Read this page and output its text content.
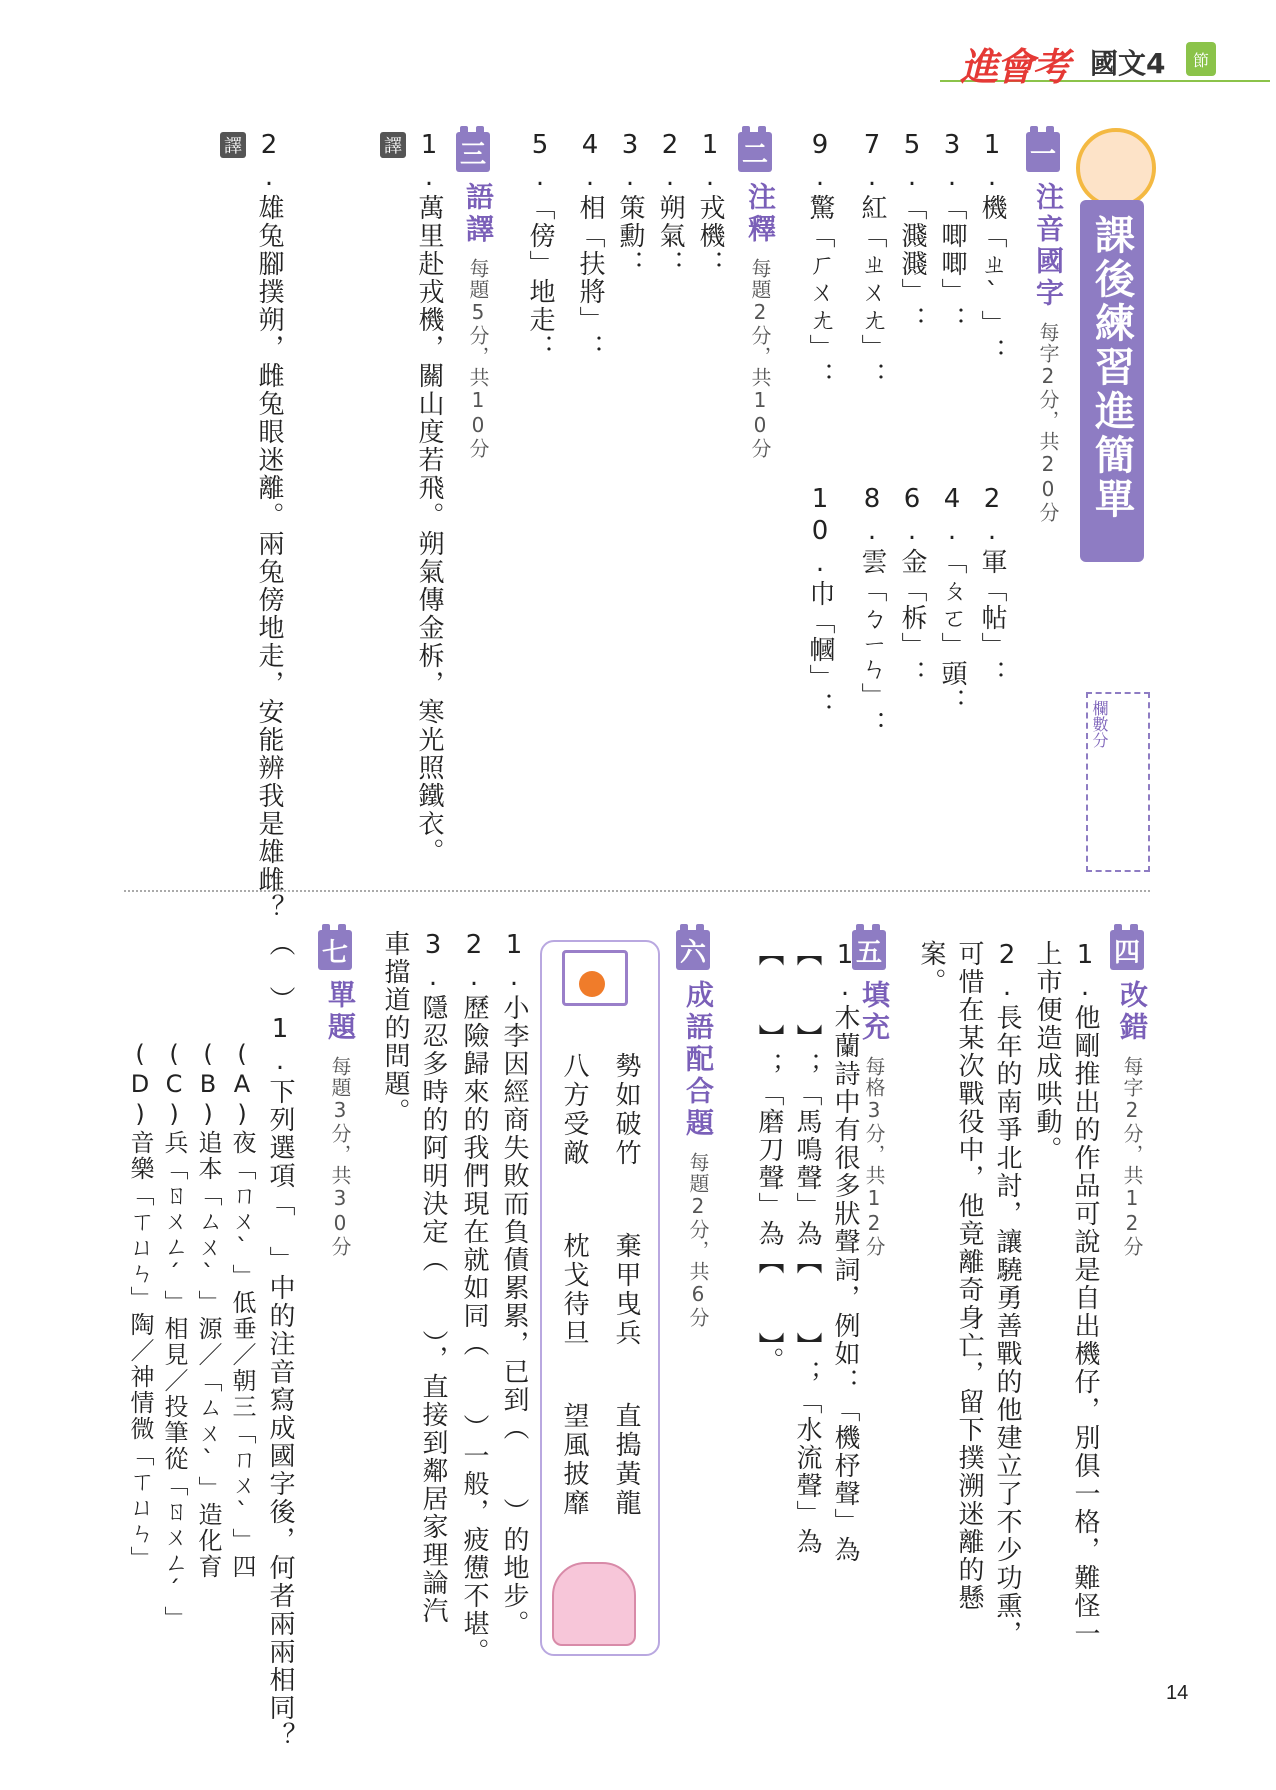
進會考 國文4 節
課後練習進簡單
欄數分
一
注音國字
每字2分，共20分
1.機「ㄓˋ」：
2.軍「帖」：
3.「唧唧」：
4.「ㄆㄛ」頭：
5.「濺濺」：
6.金「柝」：
7.紅「ㄓㄨㄤ」：
8.雲「ㄅㄧㄣ」：
9.驚「ㄏㄨㄤ」：
10.巾「幗」：
二
注釋
每題2分，共10分
1.戎機：
2.朔氣：
3.策勳：
4.相「扶將」：
5.「傍」地走：
三
語譯
每題5分，共10分
1.萬里赴戎機，關山度若飛。朔氣傳金柝，寒光照鐵衣。
譯
2.雄兔腳撲朔，雌兔眼迷離。兩兔傍地走，安能辨我是雄雌？
譯
四
改錯
每字2分，共12分
1.他剛推出的作品可說是自出機仔，別俱一格，難怪一上市便造成哄動。
2.長年的南爭北討，讓驍勇善戰的他建立了不少功熏，可惜在某次戰役中，他竟離奇身亡，留下撲溯迷離的懸案。
五
填充
每格3分，共12分
1.木蘭詩中有很多狀聲詞，例如：「機杼聲」為【　　】；「馬鳴聲」為【　　】；「水流聲」為【　　】；「磨刀聲」為【　　】。
六
成語配合題
每題2分，共6分
勢如破竹
棄甲曳兵
直搗黃龍
八方受敵
枕戈待旦
望風披靡
1.小李因經商失敗而負債累累，已到（　　）的地步。
2.歷險歸來的我們現在就如同（　　）一般，疲憊不堪。
3.隱忍多時的阿明決定（　　），直接到鄰居家理論汽車擋道的問題。
七
單題
每題3分，共30分
（　）1.下列選項「　」中的注音寫成國字後，何者兩兩相同？
(A)夜「ㄇㄨˋ」低垂／朝三「ㄇㄨˋ」四
(B)追本「ㄙㄨˋ」源／「ㄙㄨˋ」造化育
(C)兵「ㄖㄨㄥˊ」相見／投筆從「ㄖㄨㄥˊ」
(D)音樂「ㄒㄩㄣ」陶／神情微「ㄒㄩㄣ」
14
